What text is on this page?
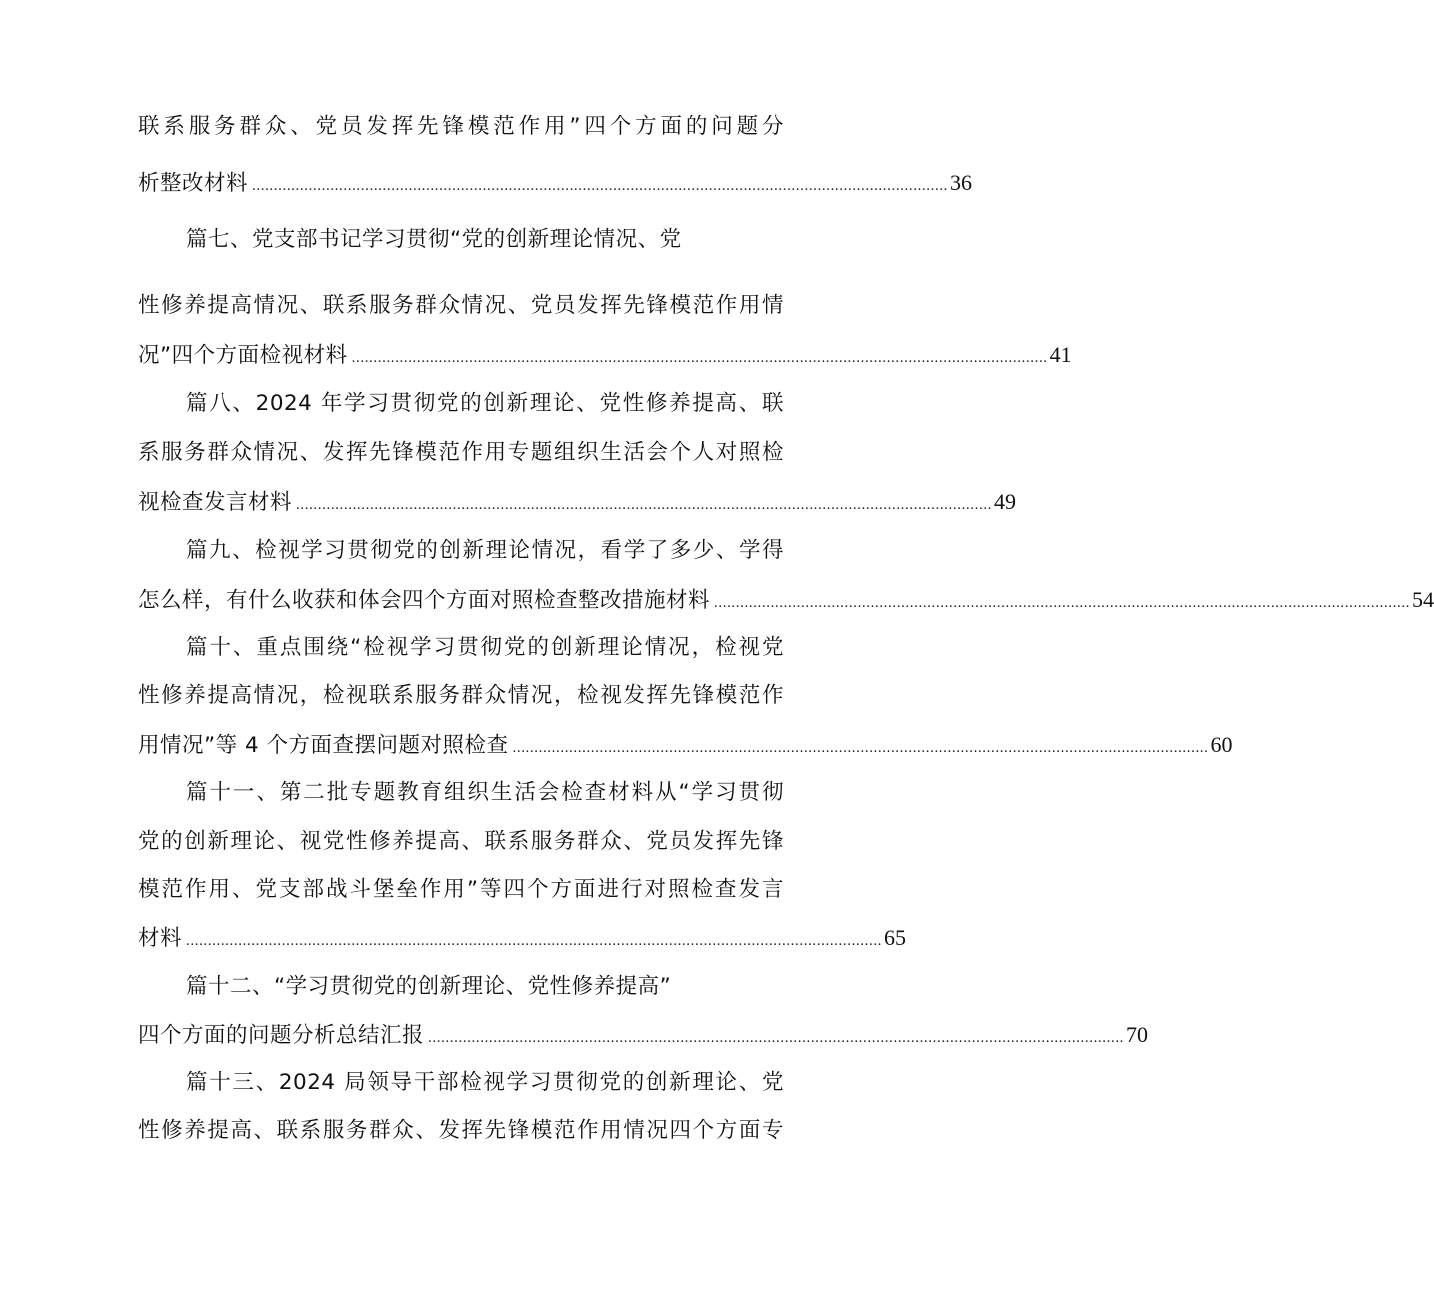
联系服务群众、党员发挥先锋模范作用”四个方面的问题分
析整改材料 ................................................................................................................................................................ 36
篇七、党支部书记学习贯彻“党的创新理论情况、党
性修养提高情况、联系服务群众情况、党员发挥先锋模范作用情
况”四个方面检视材料 ................................................................................................................................................................ 41
篇八、2024 年学习贯彻党的创新理论、党性修养提高、联
系服务群众情况、发挥先锋模范作用专题组织生活会个人对照检
视检查发言材料 ................................................................................................................................................................ 49
篇九、检视学习贯彻党的创新理论情况，看学了多少、学得
怎么样，有什么收获和体会四个方面对照检查整改措施材料 ................................................................................................................................................................ 54
篇十、重点围绕“检视学习贯彻党的创新理论情况，检视党
性修养提高情况，检视联系服务群众情况，检视发挥先锋模范作
用情况”等 4 个方面查摆问题对照检查 ................................................................................................................................................................ 60
篇十一、第二批专题教育组织生活会检查材料从“学习贯彻
党的创新理论、视党性修养提高、联系服务群众、党员发挥先锋
模范作用、党支部战斗堡垒作用”等四个方面进行对照检查发言
材料 ................................................................................................................................................................ 65
篇十二、“学习贯彻党的创新理论、党性修养提高”
四个方面的问题分析总结汇报 ................................................................................................................................................................ 70
篇十三、2024 局领导干部检视学习贯彻党的创新理论、党
性修养提高、联系服务群众、发挥先锋模范作用情况四个方面专
